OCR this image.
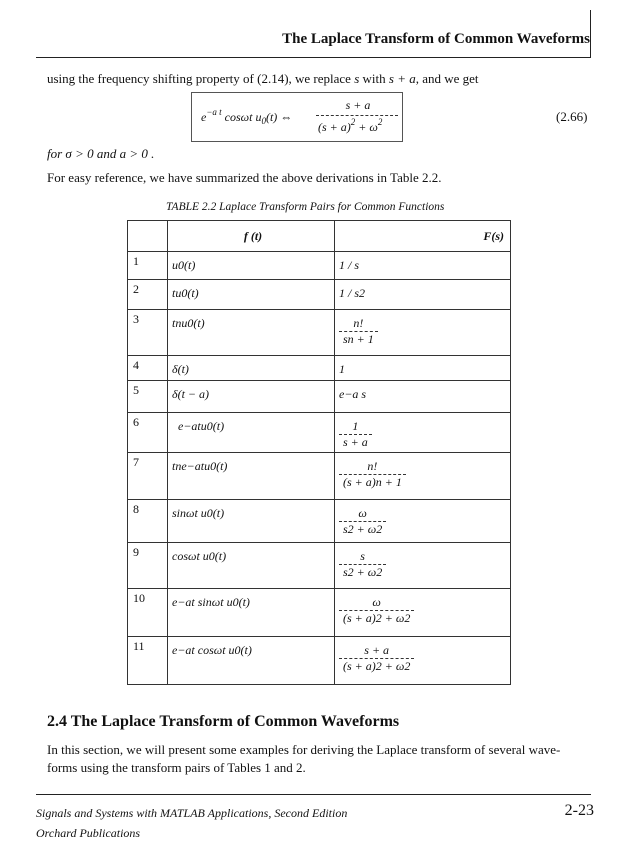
The Laplace Transform of Common Waveforms
using the frequency shifting property of (2.14), we replace s with s + a, and we get
$e^{-a t}$ cosωt $u_0(t)$ ⇔
s + a
$(s + a)^2 + \omega^2$	(2.66)
for σ > 0 and a > 0 .
For easy reference, we have summarized the above derivations in Table 2.2.
TABLE 2.2 Laplace Transform Pairs for Common Functions
	f (t)	F(s)
1	u0(t)	1 / s

2	tu0(t)	1 / s2

3	tnu0(t)	$\frac{n!}{sn + 1}$

4	δ(t)	1

5	δ(t − a)	e−a s

6	e−atu0(t)	$\frac{1}{s + a}$

7	tne−atu0(t)	$\frac{n!}{(s + a)n + 1}$

8	sinωt u0(t)	$\frac{\omega}{s2 + \omega 2}$

9	cosωt u0(t)	$\frac{s}{s2 + \omega 2}$

10	e−at sinωt u0(t)	$\frac{\omega}{(s + a)2 + \omega 2}$

11	e−at cosωt u0(t)	$\frac{s + a}{(s + a)2 + \omega 2}$
2.4 The Laplace Transform of Common Waveforms
In this section, we will present some examples for deriving the Laplace transform of several wave-
forms using the transform pairs of Tables 1 and 2.
Signals and Systems with MATLAB Applications, Second Edition
Orchard Publications
2-23
